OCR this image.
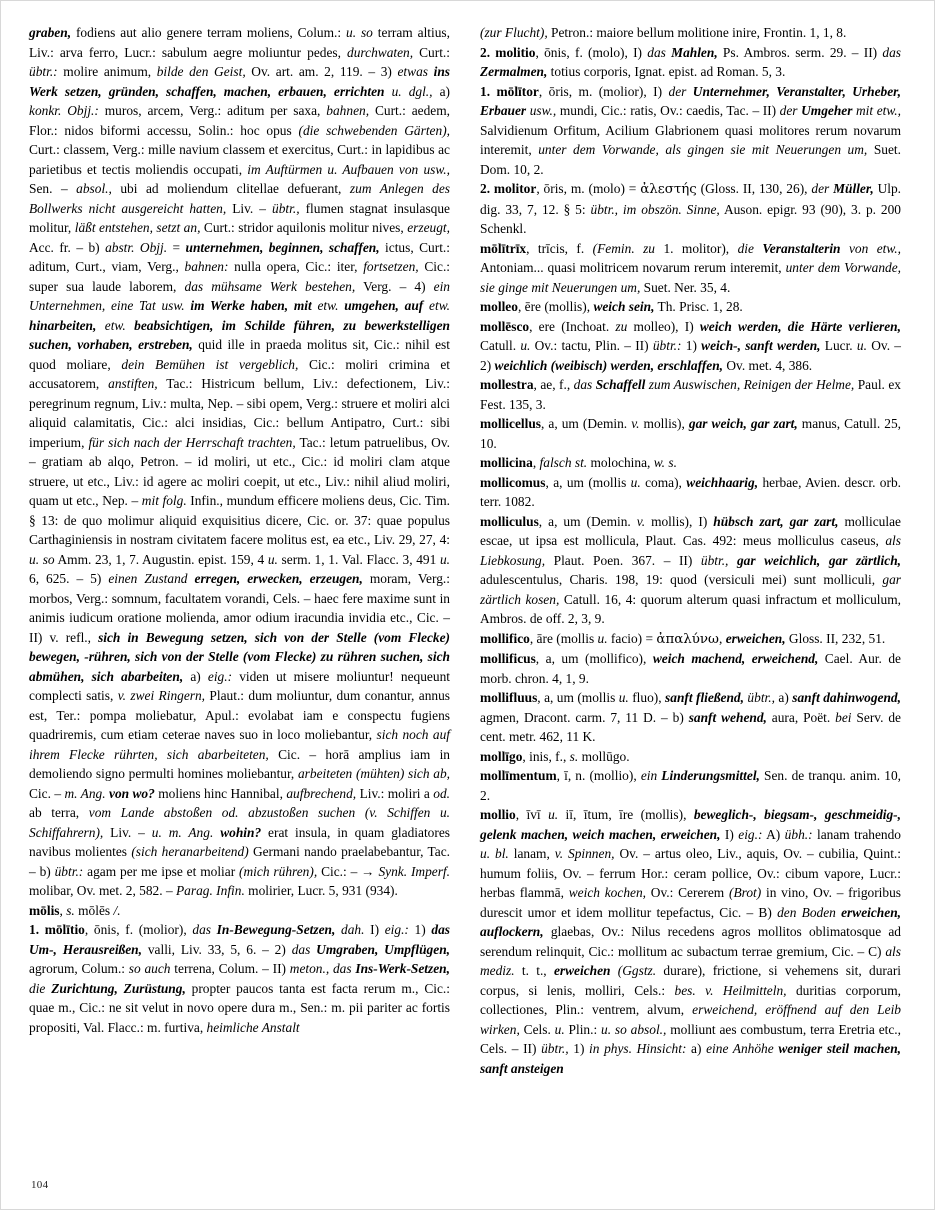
graben, fodiens aut alio genere terram moliens, Colum.: u. so terram altius, Liv.: arva ferro, Lucr.: sabulum aegre moliuntur pedes, durchwaten, Curt.: übtr.: molire animum, bilde den Geist, Ov. art. am. 2, 119. – 3) etwas ins Werk setzen, gründen, schaffen, machen, erbauen, errichten u. dgl., a) konkr. Objj.: muros, arcem, Verg.: aditum per saxa, bahnen, Curt.: aedem, Flor.: nidos biformi accessu, Solin.: hoc opus (die schwebenden Gärten), Curt.: classem, Verg.: mille navium classem et exercitus, Curt.: in lapidibus ac parietibus et tectis moliendis occupati, im Auftürmen u. Aufbauen von usw., Sen. – absol., ubi ad moliendum clitellae defuerant, zum Anlegen des Bollwerks nicht ausgereicht hatten, Liv. – übtr., flumen stagnat insulasque molitur, läßt entstehen, setzt an, Curt.: stridor aquilonis molitur nives, erzeugt, Acc. fr. – b) abstr. Objj. = unternehmen, beginnen, schaffen, ictus, Curt.: aditum, Curt., viam, Verg., bahnen: nulla opera, Cic.: iter, fortsetzen, Cic.: super sua laude laborem, das mühsame Werk bestehen, Verg. – 4) ein Unternehmen, eine Tat usw. im Werke haben, mit etw. umgehen, auf etw. hinarbeiten, etw. beabsichtigen, im Schilde führen, zu bewerkstelligen suchen, vorhaben, erstreben, quid ille in praeda molitus sit, Cic.: nihil est quod moliare, dein Bemühen ist vergeblich, Cic.: moliri crimina et accusatorem, anstiften, Tac.: Histricum bellum, Liv.: defectionem, Liv.: peregrinum regnum, Liv.: multa, Nep. – sibi opem, Verg.: struere et moliri alci aliquid calamitatis, Cic.: alci insidias, Cic.: bellum Antipatro, Curt.: sibi imperium, für sich nach der Herrschaft trachten, Tac.: letum patruelibus, Ov. – gratiam ab alqo, Petron. – id moliri, ut etc., Cic.: id moliri clam atque struere, ut etc., Liv.: id agere ac moliri coepit, ut etc., Liv.: nihil aliud moliri, quam ut etc., Nep. – mit folg. Infin., mundum efficere moliens deus, Cic. Tim. § 13: de quo molimur aliquid exquisitius dicere, Cic. or. 37: quae populus Carthaginiensis in nostram civitatem facere molitus est, ea etc., Liv. 29, 27, 4: u. so Amm. 23, 1, 7. Augustin. epist. 159, 4 u. serm. 1, 1. Val. Flacc. 3, 491 u. 6, 625. – 5) einen Zustand erregen, erwecken, erzeugen, moram, Verg.: morbos, Verg.: somnum, facultatem vorandi, Cels. – haec fere maxime sunt in animis iudicum oratione molienda, amor odium iracundia invidia etc., Cic. – II) v. refl., sich in Bewegung setzen, sich von der Stelle (vom Flecke) bewegen, -rühren, sich von der Stelle (vom Flecke) zu rühren suchen, sich abmühen, sich abarbeiten, a) eig.: viden ut misere moliuntur! nequeunt complecti satis, v. zwei Ringern, Plaut.: dum moliuntur, dum conantur, annus est, Ter.: pompa moliebatur, Apul.: evolabat iam e conspectu fugiens quadriremis, cum etiam ceterae naves suo in loco moliebantur, sich noch auf ihrem Flecke rührten, sich abarbeiteten, Cic. – horā amplius iam in demoliendo signo permulti homines moliebantur, arbeiteten (mühten) sich ab, Cic. – m. Ang. von wo? moliens hinc Hannibal, aufbrechend, Liv.: moliri a od. ab terra, vom Lande abstoßen od. abzustoßen suchen (v. Schiffen u. Schiffahrern), Liv. – u. m. Ang. wohin? erat insula, in quam gladiatores navibus molientes (sich heranarbeitend) Germani nando praelabebantur, Tac. – b) übtr.: agam per me ipse et moliar (mich rühren), Cic.: – → Synk. Imperf. molibar, Ov. met. 2, 582. – Parag. Infin. molirier, Lucr. 5, 931 (934).

mōlis, s. mōlēs /.

1. mōlītio, ōnis, f. (molior), das In-Bewegung-Setzen, dah. I) eig.: 1) das Um-, Herausreißen, valli, Liv. 33, 5, 6. – 2) das Umgraben, Umpflügen, agrorum, Colum.: so auch terrena, Colum. – II) meton., das Ins-Werk-Setzen, die Zurichtung, Zurüstung, propter paucos tanta est facta rerum m., Cic.: quae m., Cic.: ne sit velut in novo opere dura m., Sen.: m. pii pariter ac fortis propositi, Val. Flacc.: m. furtiva, heimliche Anstalt

(zur Flucht), Petron.: maiore bellum molitione inire, Frontin. 1, 1, 8.

2. molitio, ōnis, f. (molo), I) das Mahlen, Ps. Ambros. serm. 29. – II) das Zermalmen, totius corporis, Ignat. epist. ad Roman. 5, 3.

1. mōlītor, ōris, m. (molior), I) der Unternehmer, Veranstalter, Urheber, Erbauer usw., mundi, Cic.: ratis, Ov.: caedis, Tac. – II) der Umgeher mit etw., Salvidienum Orfitum, Acilium Glabrionem quasi molitores rerum novarum interemit, unter dem Vorwande, als gingen sie mit Neuerungen um, Suet. Dom. 10, 2.

2. molitor, ōris, m. (molo) = ἀλεστής (Gloss. II, 130, 26), der Müller, Ulp. dig. 33, 7, 12. § 5: übtr., im obszön. Sinne, Auson. epigr. 93 (90), 3. p. 200 Schenkl.

mōlītrīx, trīcis, f. (Femin. zu 1. molitor), die Veranstalterin von etw., Antoniam... quasi molitricem novarum rerum interemit, unter dem Vorwande, sie ginge mit Neuerungen um, Suet. Ner. 35, 4.

molleo, ēre (mollis), weich sein, Th. Prisc. 1, 28.

mollēsco, ere (Inchoat. zu molleo), I) weich werden, die Härte verlieren, Catull. u. Ov.: tactu, Plin. – II) übtr.: 1) weich-, sanft werden, Lucr. u. Ov. – 2) weichlich (weibisch) werden, erschlaffen, Ov. met. 4, 386.

mollestra, ae, f., das Schaffell zum Auswischen, Reinigen der Helme, Paul. ex Fest. 135, 3.

mollicellus, a, um (Demin. v. mollis), gar weich, gar zart, manus, Catull. 25, 10.

mollicina, falsch st. molochina, w. s.

mollicomus, a, um (mollis u. coma), weichhaarig, herbae, Avien. descr. orb. terr. 1082.

molliculus, a, um (Demin. v. mollis), I) hübsch zart, gar zart, molliculae escae, ut ipsa est mollicula, Plaut. Cas. 492: meus molliculus caseus, als Liebkosung, Plaut. Poen. 367. – II) übtr., gar weichlich, gar zärtlich, adulescentulus, Charis. 198, 19: quod (versiculi mei) sunt molliculi, gar zärtlich kosen, Catull. 16, 4: quorum alterum quasi infractum et molliculum, Ambros. de off. 2, 3, 9.

mollifico, āre (mollis u. facio) = ἀπαλύνω, erweichen, Gloss. II, 232, 51.

mollificus, a, um (mollifico), weich machend, erweichend, Cael. Aur. de morb. chron. 4, 1, 9.

mollifluus, a, um (mollis u. fluo), sanft fließend, übtr., a) sanft dahinwogend, agmen, Dracont. carm. 7, 11 D. – b) sanft wehend, aura, Poët. bei Serv. de cent. metr. 462, 11 K.

mollīgo, inis, f., s. mollūgo.

mollīmentum, ī, n. (mollio), ein Linderungsmittel, Sen. de tranqu. anim. 10, 2.

mollio, īvī u. iī, ītum, īre (mollis), beweglich-, biegsam-, geschmeidig-, gelenk machen, weich machen, erweichen, I) eig.: A) übh.: lanam trahendo u. bl. lanam, v. Spinnen, Ov. – artus oleo, Liv., aquis, Ov. – cubilia, Quint.: humum foliis, Ov. – ferrum Hor.: ceram pollice, Ov.: cibum vapore, Lucr.: herbas flammā, weich kochen, Ov.: Cererem (Brot) in vino, Ov. – frigoribus durescit umor et idem mollitur tepefactus, Cic. – B) den Boden erweichen, auflockern, glaebas, Ov.: Nilus recedens agros mollitos oblimatosque ad serendum relinquit, Cic.: mollitum ac subactum terrae gremium, Cic. – C) als mediz. t. t., erweichen (Ggstz. durare), frictione, si vehemens sit, durari corpus, si lenis, molliri, Cels.: bes. v. Heilmitteln, duritias corporum, collectiones, Plin.: ventrem, alvum, erweichend, eröffnend auf den Leib wirken, Cels. u. Plin.: u. so absol., molliunt aes combustum, terra Eretria etc., Cels. – II) übtr., 1) in phys. Hinsicht: a) eine Anhöhe weniger steil machen, sanft ansteigen

104
